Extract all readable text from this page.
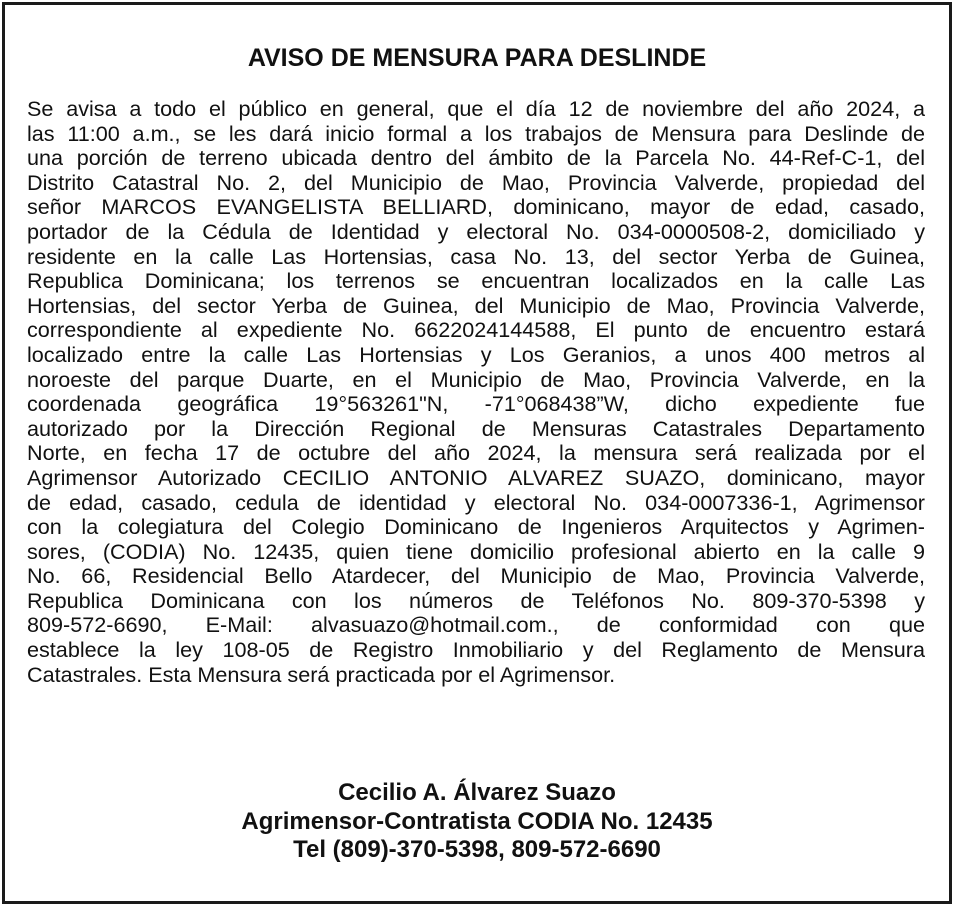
AVISO DE MENSURA PARA DESLINDE
Se avisa a todo el público en general, que el día 12 de noviembre del año 2024, a
las 11:00 a.m., se les dará inicio formal a los trabajos de Mensura para Deslinde de
una porción de terreno ubicada dentro del ámbito de la Parcela No. 44-Ref-C-1, del
Distrito Catastral No. 2, del Municipio de Mao, Provincia Valverde, propiedad del
señor MARCOS EVANGELISTA BELLIARD, dominicano, mayor de edad, casado,
portador de la Cédula de Identidad y electoral No. 034-0000508-2, domiciliado y
residente en la calle Las Hortensias, casa No. 13, del sector Yerba de Guinea,
Republica Dominicana; los terrenos se encuentran localizados en la calle Las
Hortensias, del sector Yerba de Guinea, del Municipio de Mao, Provincia Valverde,
correspondiente al expediente No. 6622024144588, El punto de encuentro estará
localizado entre la calle Las Hortensias y Los Geranios, a unos 400 metros al
noroeste del parque Duarte, en el Municipio de Mao, Provincia Valverde, en la
coordenada geográfica 19°563261"N, -71°068438”W, dicho expediente fue
autorizado por la Dirección Regional de Mensuras Catastrales Departamento
Norte, en fecha 17 de octubre del año 2024, la mensura será realizada por el
Agrimensor Autorizado CECILIO ANTONIO ALVAREZ SUAZO, dominicano, mayor
de edad, casado, cedula de identidad y electoral No. 034-0007336-1, Agrimensor
con la colegiatura del Colegio Dominicano de Ingenieros Arquitectos y Agrimen-
sores, (CODIA) No. 12435, quien tiene domicilio profesional abierto en la calle 9
No. 66, Residencial Bello Atardecer, del Municipio de Mao, Provincia Valverde,
Republica Dominicana con los números de Teléfonos No. 809-370-5398 y
809-572-6690, E-Mail: alvasuazo@hotmail.com., de conformidad con que
establece la ley 108-05 de Registro Inmobiliario y del Reglamento de Mensura
Catastrales. Esta Mensura será practicada por el Agrimensor.
Cecilio A. Álvarez Suazo
Agrimensor-Contratista CODIA No. 12435
Tel (809)-370-5398, 809-572-6690
